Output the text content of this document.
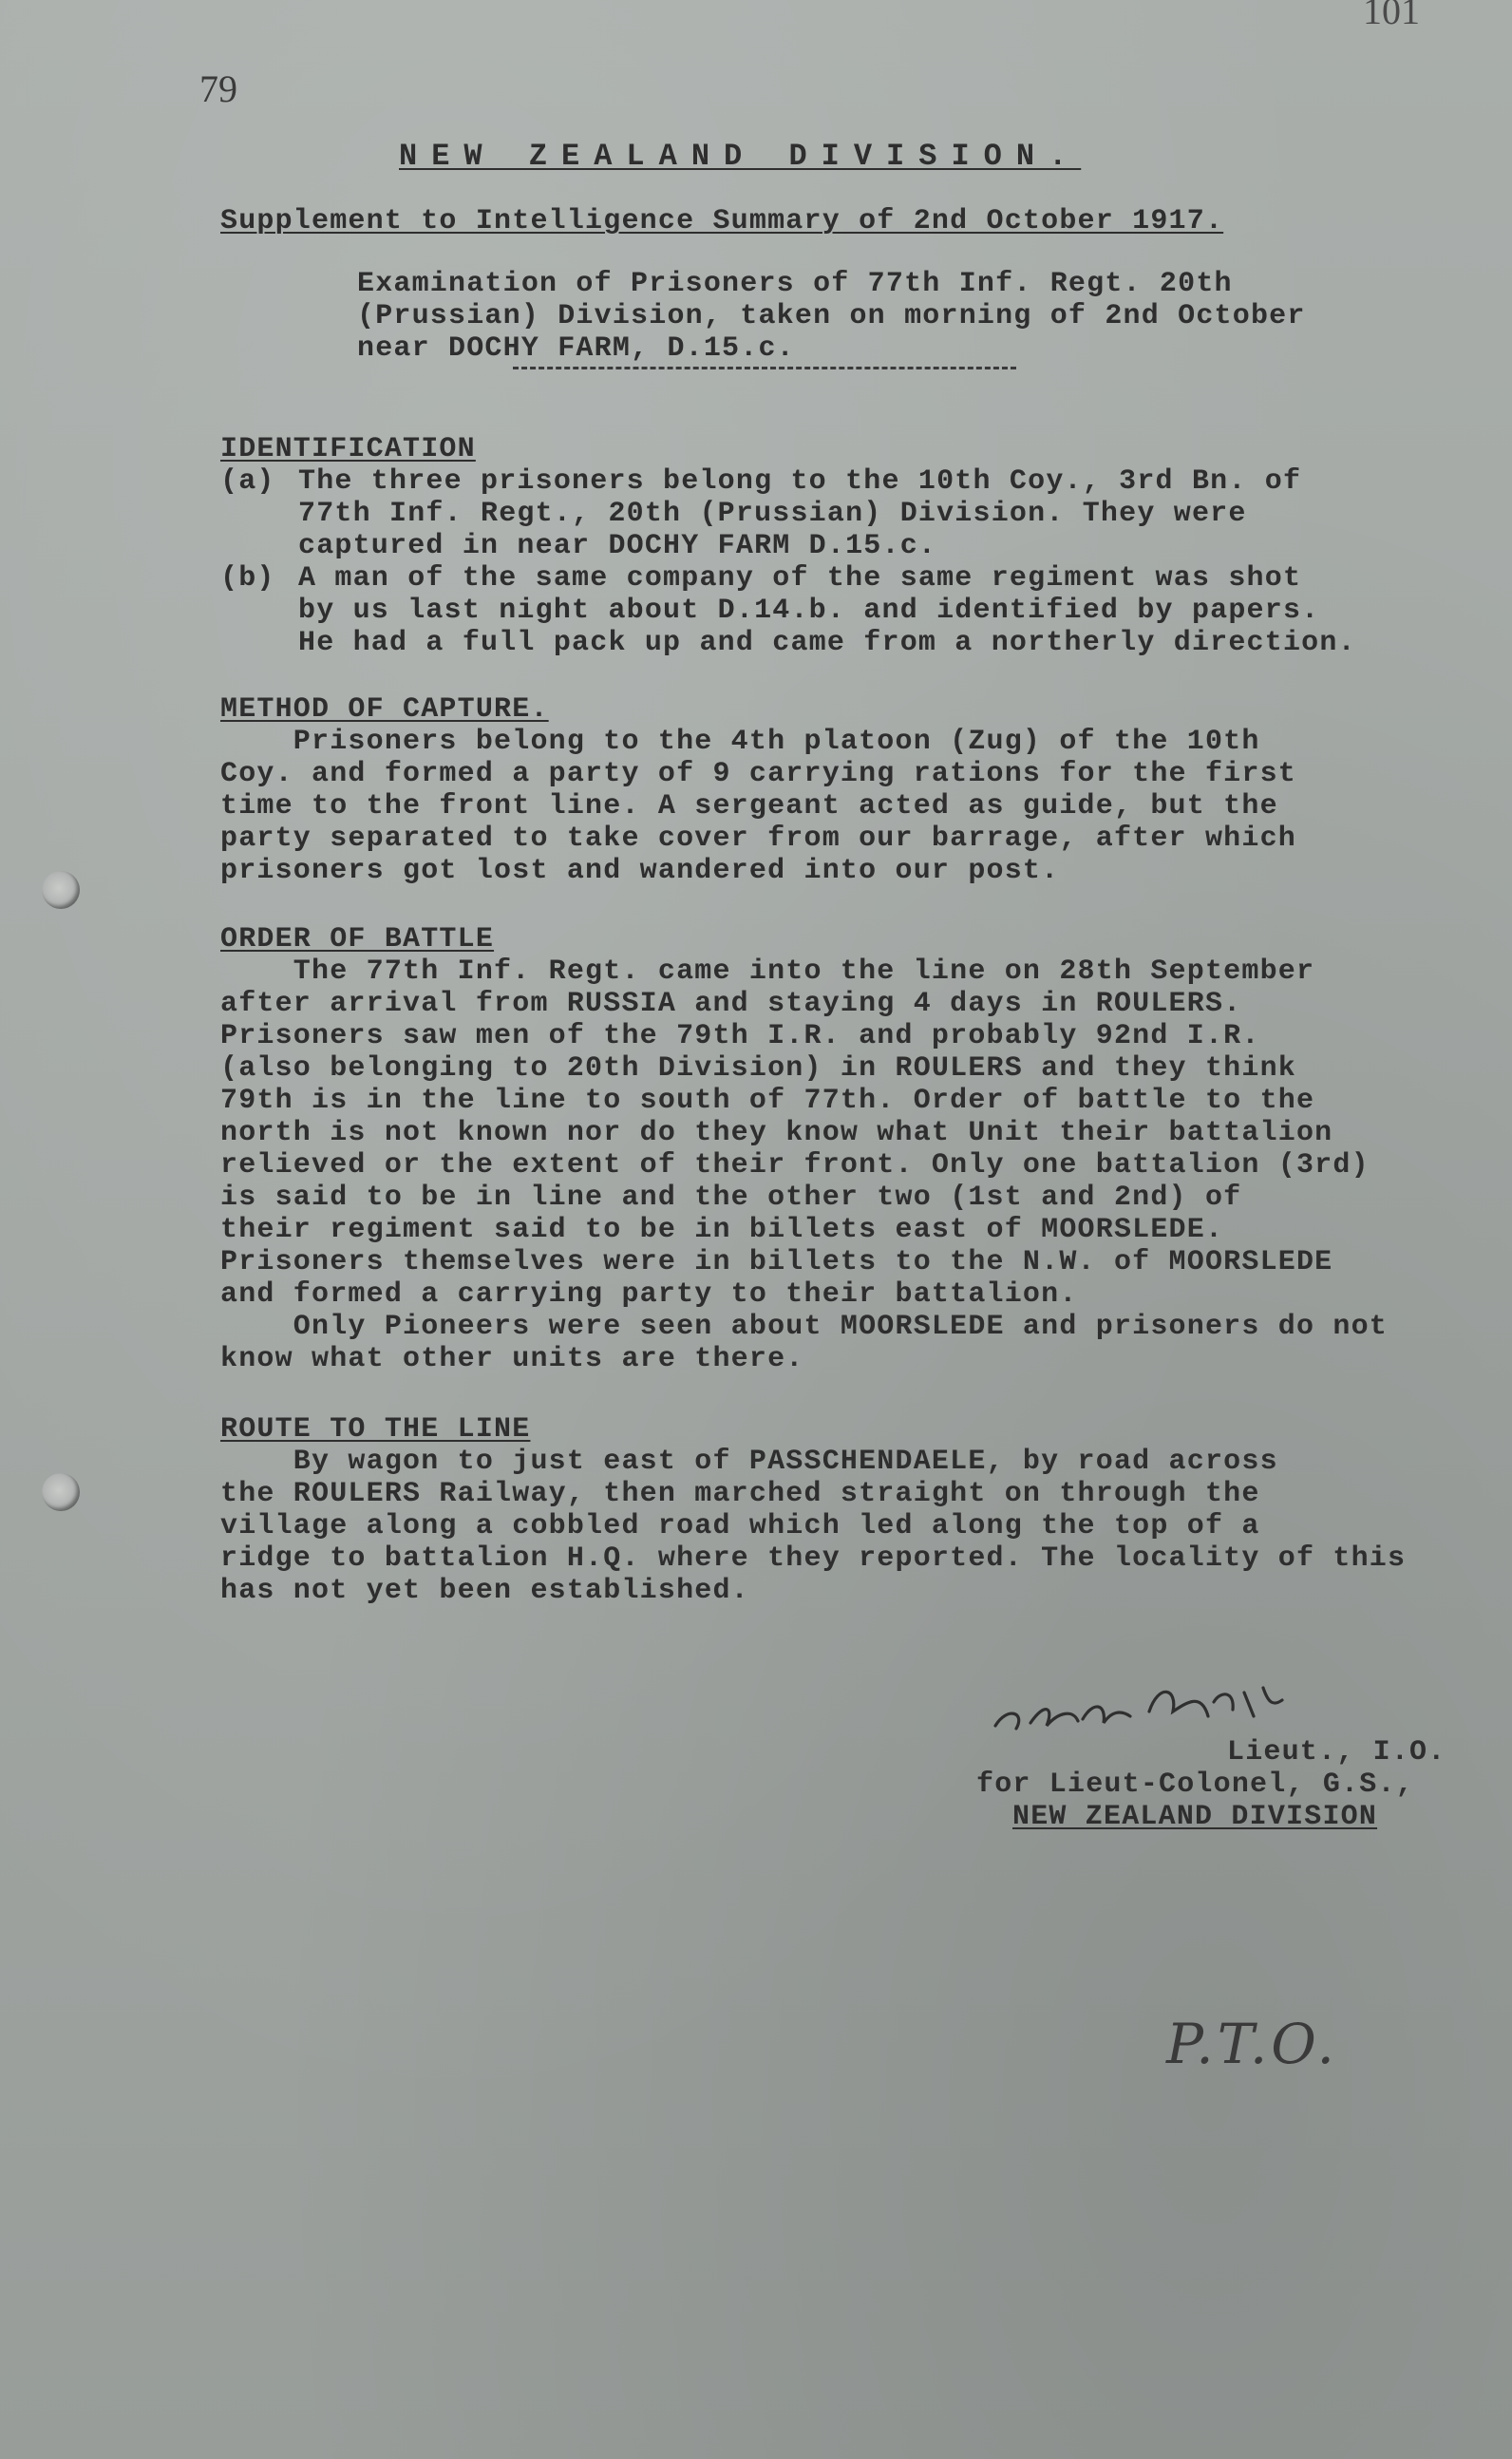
101
79
NEW ZEALAND DIVISION.
Supplement to Intelligence Summary of 2nd October 1917.
Examination of Prisoners of 77th Inf. Regt. 20th
(Prussian) Division, taken on morning of 2nd October
near DOCHY FARM, D.15.c.
IDENTIFICATION
(a) The three prisoners belong to the 10th Coy., 3rd Bn. of
77th Inf. Regt., 20th (Prussian) Division. They were
captured in near DOCHY FARM D.15.c.
(b) A man of the same company of the same regiment was shot
by us last night about D.14.b. and identified by papers.
He had a full pack up and came from a northerly direction.
METHOD OF CAPTURE.
Prisoners belong to the 4th platoon (Zug) of the 10th
Coy. and formed a party of 9 carrying rations for the first
time to the front line. A sergeant acted as guide, but the
party separated to take cover from our barrage, after which
prisoners got lost and wandered into our post.
ORDER OF BATTLE
The 77th Inf. Regt. came into the line on 28th September
after arrival from RUSSIA and staying 4 days in ROULERS.
Prisoners saw men of the 79th I.R. and probably 92nd I.R.
(also belonging to 20th Division) in ROULERS and they think
79th is in the line to south of 77th. Order of battle to the
north is not known nor do they know what Unit their battalion
relieved or the extent of their front. Only one battalion (3rd)
is said to be in line and the other two (1st and 2nd) of
their regiment said to be in billets east of MOORSLEDE.
Prisoners themselves were in billets to the N.W. of MOORSLEDE
and formed a carrying party to their battalion.
Only Pioneers were seen about MOORSLEDE and prisoners do not
know what other units are there.
ROUTE TO THE LINE
By wagon to just east of PASSCHENDAELE, by road across
the ROULERS Railway, then marched straight on through the
village along a cobbled road which led along the top of a
ridge to battalion H.Q. where they reported. The locality of this
has not yet been established.
Lieut., I.O.
for Lieut-Colonel, G.S.,
NEW ZEALAND DIVISION
P.T.O.
